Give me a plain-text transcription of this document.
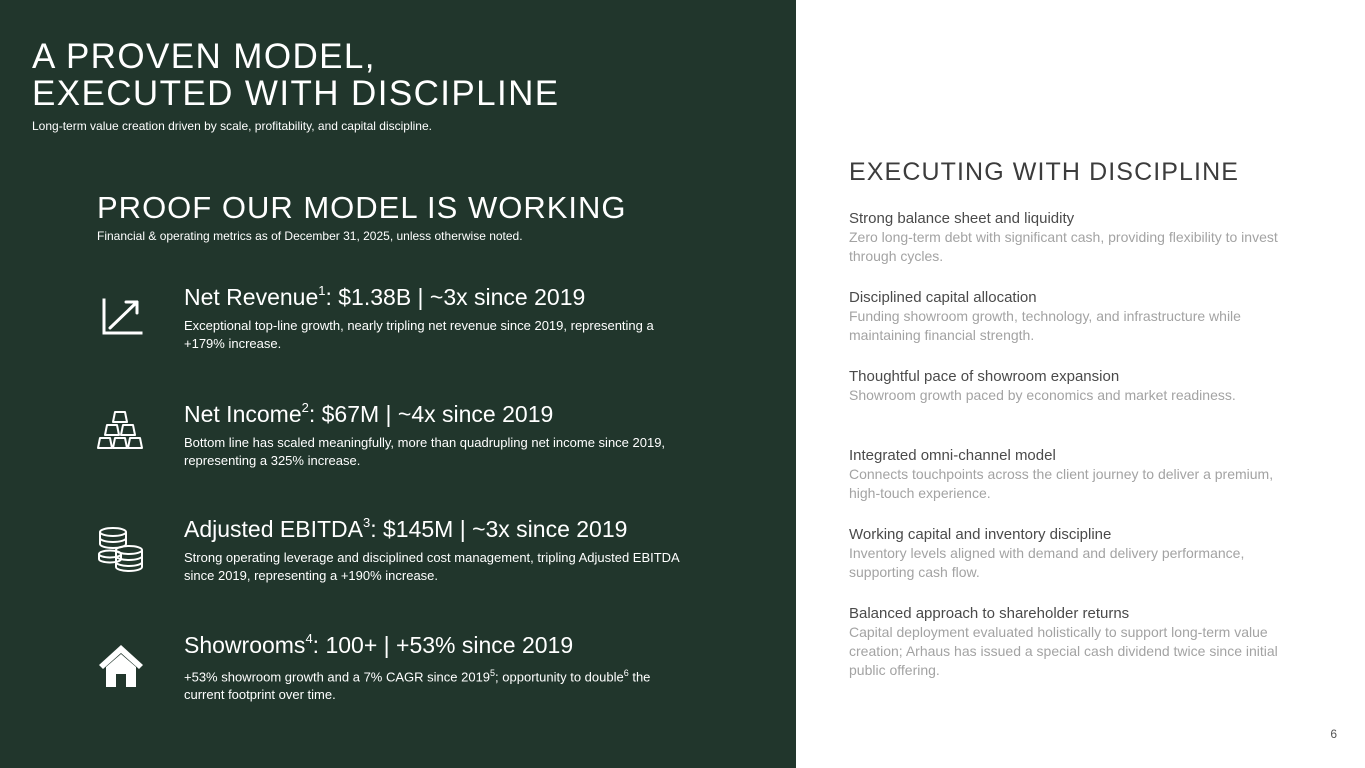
A PROVEN MODEL,
EXECUTED WITH DISCIPLINE
Long-term value creation driven by scale, profitability, and capital discipline.
PROOF OUR MODEL IS WORKING
Financial & operating metrics as of December 31, 2025, unless otherwise noted.
Net Revenue$^1$: $1.38B | ~3x since 2019
Exceptional top-line growth, nearly tripling net revenue since 2019, representing a +179% increase.
Net Income$^2$: $67M | ~4x since 2019
Bottom line has scaled meaningfully, more than quadrupling net income since 2019, representing a 325% increase.
Adjusted EBITDA$^3$: $145M | ~3x since 2019
Strong operating leverage and disciplined cost management, tripling Adjusted EBITDA since 2019, representing a +190% increase.
Showrooms$^4$: 100+ | +53% since 2019
+53% showroom growth and a 7% CAGR since 2019$^5$; opportunity to double$^6$ the current footprint over time.
EXECUTING WITH DISCIPLINE
Strong balance sheet and liquidity
Zero long-term debt with significant cash, providing flexibility to invest through cycles.
Disciplined capital allocation
Funding showroom growth, technology, and infrastructure while maintaining financial strength.
Thoughtful pace of showroom expansion
Showroom growth paced by economics and market readiness.
Integrated omni-channel model
Connects touchpoints across the client journey to deliver a premium, high-touch experience.
Working capital and inventory discipline
Inventory levels aligned with demand and delivery performance, supporting cash flow.
Balanced approach to shareholder returns
Capital deployment evaluated holistically to support long-term value creation; Arhaus has issued a special cash dividend twice since initial public offering.
6
